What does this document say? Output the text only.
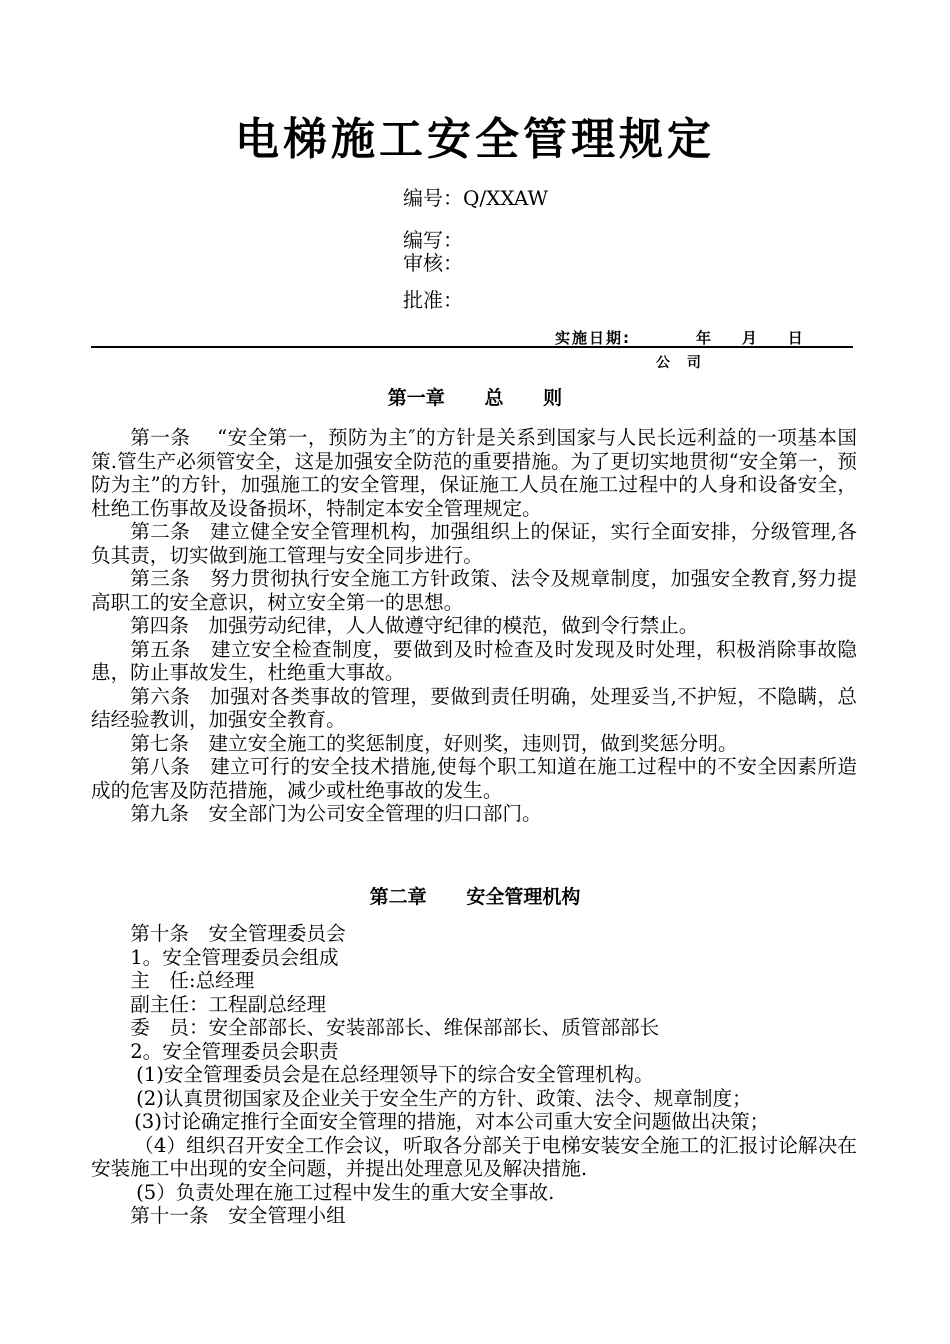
电梯施工安全管理规定
编号：Q/XXAW
编写：
审核：
批准：
实施日期:         年    月    日
公 司
第一章      总      则

第一条　 “安全第一，预防为主″的方针是关系到国家与人民长远利益的一项基本国策.管生产必须管安全，这是加强安全防范的重要措施。为了更切实地贯彻“安全第一，预防为主”的方针，加强施工的安全管理，保证施工人员在施工过程中的人身和设备安全，杜绝工伤事故及设备损坏，特制定本安全管理规定。

第二条　建立健全安全管理机构，加强组织上的保证，实行全面安排，分级管理,各负其责，切实做到施工管理与安全同步进行。

第三条　努力贯彻执行安全施工方针政策、法令及规章制度，加强安全教育,努力提高职工的安全意识，树立安全第一的思想。

第四条　加强劳动纪律，人人做遵守纪律的模范，做到令行禁止。

第五条　建立安全检查制度，要做到及时检查及时发现及时处理，积极消除事故隐患，防止事故发生，杜绝重大事故。

第六条　加强对各类事故的管理，要做到责任明确，处理妥当,不护短，不隐瞒，总结经验教训，加强安全教育。

第七条　建立安全施工的奖惩制度，好则奖，违则罚，做到奖惩分明。

第八条　建立可行的安全技术措施,使每个职工知道在施工过程中的不安全因素所造成的危害及防范措施，减少或杜绝事故的发生。

第九条　安全部门为公司安全管理的归口部门。

第二章      安全管理机构

第十条　安全管理委员会

1。安全管理委员会组成

主　任:总经理

副主任：工程副总经理

委　员：安全部部长、安装部部长、维保部部长、质管部部长

2。安全管理委员会职责

(1)安全管理委员会是在总经理领导下的综合安全管理机构。

(2)认真贯彻国家及企业关于安全生产的方针、政策、法令、规章制度；

(3)讨论确定推行全面安全管理的措施，对本公司重大安全问题做出决策；

（4）组织召开安全工作会议，听取各分部关于电梯安装安全施工的汇报讨论解决在安装施工中出现的安全问题，并提出处理意见及解决措施.

(5）负责处理在施工过程中发生的重大安全事故.

第十一条　安全管理小组
